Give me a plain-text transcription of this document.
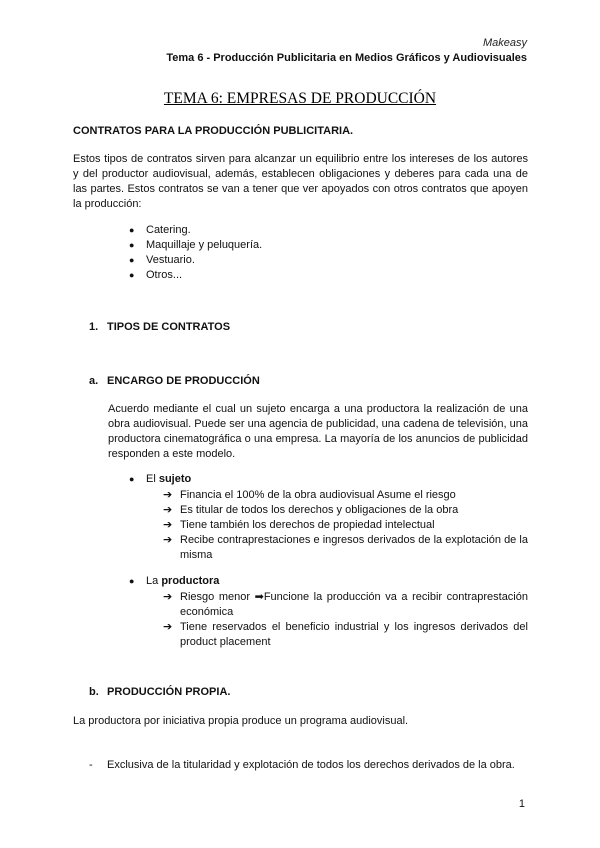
Makeasy
Tema 6 - Producción Publicitaria en Medios Gráficos y Audiovisuales
TEMA 6: EMPRESAS DE PRODUCCIÓN
CONTRATOS PARA LA PRODUCCIÓN PUBLICITARIA.

Estos tipos de contratos sirven para alcanzar un equilibrio entre los intereses de los autores y del productor audiovisual, además, establecen obligaciones y deberes para cada una de las partes. Estos contratos se van a tener que ver apoyados con otros contratos que apoyen la producción:

● Catering.
● Maquillaje y peluquería.
● Vestuario.
● Otros...
1. TIPOS DE CONTRATOS
a. ENCARGO DE PRODUCCIÓN

Acuerdo mediante el cual un sujeto encarga a una productora la realización de una obra audiovisual. Puede ser una agencia de publicidad, una cadena de televisión, una productora cinematográfica o una empresa. La mayoría de los anuncios de publicidad responden a este modelo.

● El sujeto
➔ Financia el 100% de la obra audiovisual Asume el riesgo
➔ Es titular de todos los derechos y obligaciones de la obra
➔ Tiene también los derechos de propiedad intelectual
➔ Recibe contraprestaciones e ingresos derivados de la explotación de la misma
● La productora
➔ Riesgo menor ➡Funcione la producción va a recibir contraprestación económica
➔ Tiene reservados el beneficio industrial y los ingresos derivados del product placement
b. PRODUCCIÓN PROPIA.

La productora por iniciativa propia produce un programa audiovisual.

- Exclusiva de la titularidad y explotación de todos los derechos derivados de la obra.
1
